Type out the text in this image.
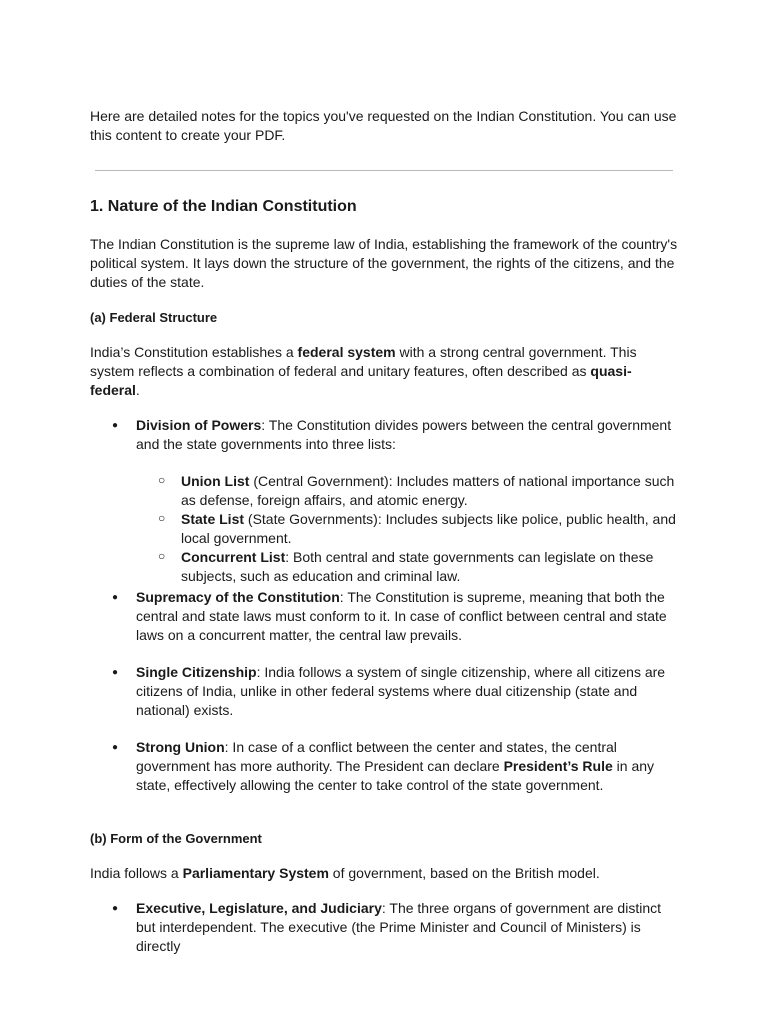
Here are detailed notes for the topics you've requested on the Indian Constitution. You can use this content to create your PDF.

1. Nature of the Indian Constitution

The Indian Constitution is the supreme law of India, establishing the framework of the country's political system. It lays down the structure of the government, the rights of the citizens, and the duties of the state.

(a) Federal Structure

India’s Constitution establishes a federal system with a strong central government. This system reflects a combination of federal and unitary features, often described as quasi-federal.

● Division of Powers: The Constitution divides powers between the central government and the state governments into three lists:
○ Union List (Central Government): Includes matters of national importance such as defense, foreign affairs, and atomic energy.
○ State List (State Governments): Includes subjects like police, public health, and local government.
○ Concurrent List: Both central and state governments can legislate on these subjects, such as education and criminal law.
● Supremacy of the Constitution: The Constitution is supreme, meaning that both the central and state laws must conform to it. In case of conflict between central and state laws on a concurrent matter, the central law prevails.
● Single Citizenship: India follows a system of single citizenship, where all citizens are citizens of India, unlike in other federal systems where dual citizenship (state and national) exists.
● Strong Union: In case of a conflict between the center and states, the central government has more authority. The President can declare President’s Rule in any state, effectively allowing the center to take control of the state government.
(b) Form of the Government

India follows a Parliamentary System of government, based on the British model.

● Executive, Legislature, and Judiciary: The three organs of government are distinct but interdependent. The executive (the Prime Minister and Council of Ministers) is directly
